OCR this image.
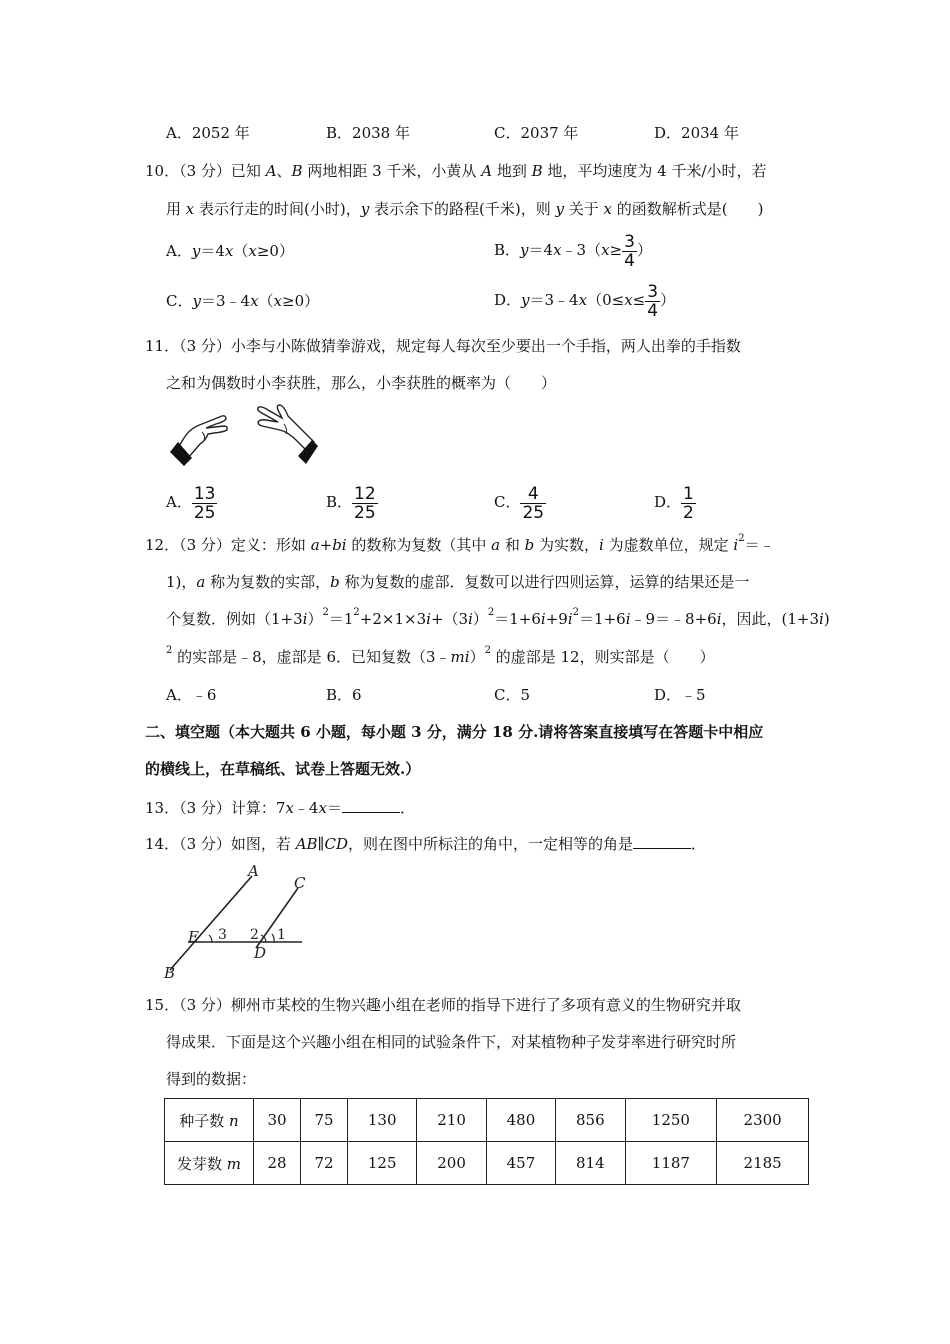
A．2052 年	B．2038 年	C．2037 年	D．2034 年
10．（3 分）已知 A、B 两地相距 3 千米，小黄从 A 地到 B 地，平均速度为 4 千米/小时，若
用 x 表示行走的时间(小时)，y 表示余下的路程(千米)，则 y 关于 x 的函数解析式是(　　)
A．y＝4x（x≥0）	B．y＝4x﹣3（x≥ $\frac{3}{4}$ ）
C．y＝3﹣4x（x≥0）	D．y＝3﹣4x（0≤x≤ $\frac{3}{4}$ ）
11．（3 分）小李与小陈做猜拳游戏，规定每人每次至少要出一个手指，两人出拳的手指数
之和为偶数时小李获胜，那么，小李获胜的概率为（　　）
A． $\frac{13}{25}$	B． $\frac{12}{25}$	C． $\frac{4}{25}$	D． $\frac{1}{2}$
12．（3 分）定义：形如 a+bi 的数称为复数（其中 a 和 b 为实数，i 为虚数单位，规定 $i^2=﹣$
1)，a 称为复数的实部，b 称为复数的虚部．复数可以进行四则运算，运算的结果还是一
个复数．例如$(1+3i)^2=1^2+2\times 1\times 3i+(3i)^2=1+6i+9i^2=1+6i﹣9=﹣8+6i$，因此，(1+3i)
$^2$ 的实部是﹣8，虚部是 6．已知复数（3﹣mi）$^2$ 的虚部是 12，则实部是（　　）
A．﹣6	B．6	C．5	D．﹣5
二、填空题（本大题共 6 小题，每小题 3 分，满分 18 分.请将答案直接填写在答题卡中相应
的横线上，在草稿纸、试卷上答题无效.）
13．（3 分）计算：7x﹣4x＝	．
14．（3 分）如图，若 AB∥CD，则在图中所标注的角中，一定相等的角是	．
A
C
E
D
B
3 2 1
15．（3 分）柳州市某校的生物兴趣小组在老师的指导下进行了多项有意义的生物研究并取
得成果．下面是这个兴趣小组在相同的试验条件下，对某植物种子发芽率进行研究时所
得到的数据：
种子数 n	30	75	130	210	480	856	1250	2300
发芽数 m	28	72	125	200	457	814	1187	2185
